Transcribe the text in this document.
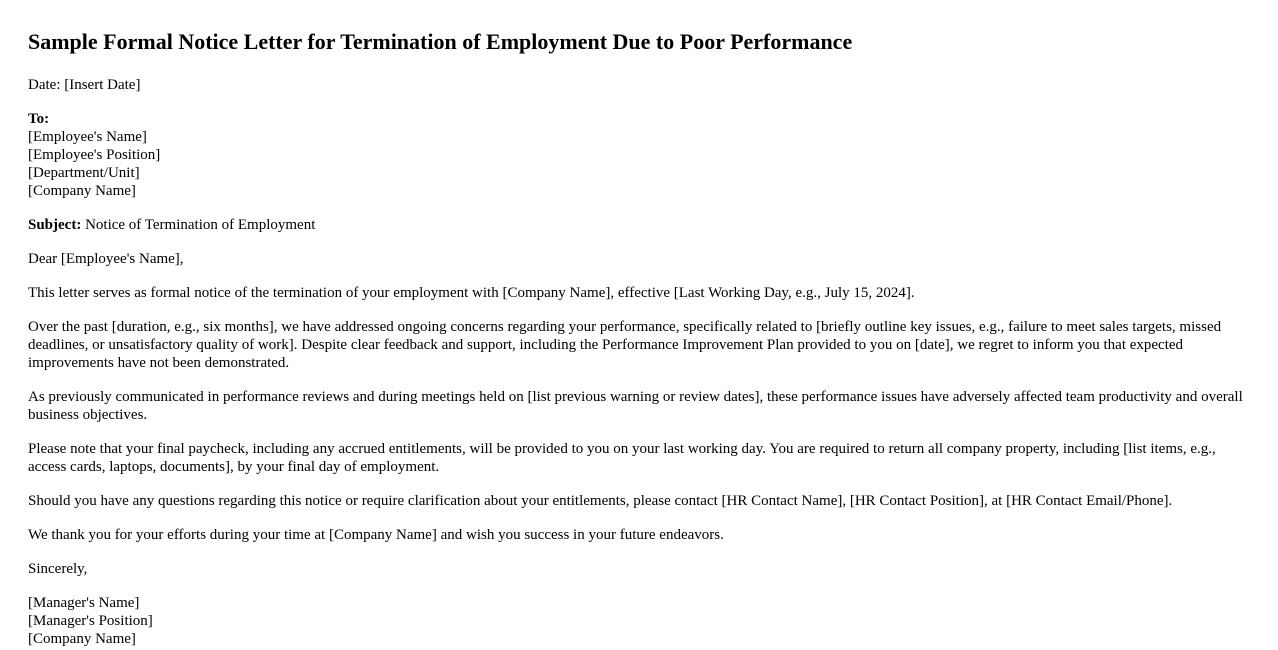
Sample Formal Notice Letter for Termination of Employment Due to Poor Performance

Date: [Insert Date]

To:
[Employee's Name]
[Employee's Position]
[Department/Unit]
[Company Name]

Subject: Notice of Termination of Employment

Dear [Employee's Name],

This letter serves as formal notice of the termination of your employment with [Company Name], effective [Last Working Day, e.g., July 15, 2024].

Over the past [duration, e.g., six months], we have addressed ongoing concerns regarding your performance, specifically related to [briefly outline key issues, e.g., failure to meet sales targets, missed deadlines, or unsatisfactory quality of work]. Despite clear feedback and support, including the Performance Improvement Plan provided to you on [date], we regret to inform you that expected improvements have not been demonstrated.

As previously communicated in performance reviews and during meetings held on [list previous warning or review dates], these performance issues have adversely affected team productivity and overall business objectives.

Please note that your final paycheck, including any accrued entitlements, will be provided to you on your last working day. You are required to return all company property, including [list items, e.g., access cards, laptops, documents], by your final day of employment.

Should you have any questions regarding this notice or require clarification about your entitlements, please contact [HR Contact Name], [HR Contact Position], at [HR Contact Email/Phone].

We thank you for your efforts during your time at [Company Name] and wish you success in your future endeavors.

Sincerely,

[Manager's Name]
[Manager's Position]
[Company Name]
